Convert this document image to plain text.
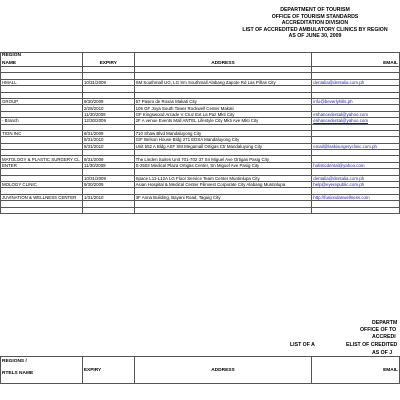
DEPARTMENT OF TOURISM
OFFICE OF TOURISM STANDARDS
ACCREDITATION DIVISION
LIST OF ACCREDITED AMBULATORY CLINICS BY REGION
AS OF JUNE 30, 2009
REGION
NAME	EXPIRY	ADDRESS	EMAIL

HMALL	10/31/2009	SM Southmall UG, LG Sm Southmall Alabang Zapote Rd Las Piñas City	dentalia@dentalia.com.ph

GROUP	9/30/2009	57 Paseo de Roxas Makati City	info@beverlyhills.ph
	2/28/2010	105 GF Joya South Tower Rockwell Center Makati	
	11/30/2009	GF Kingswood Arcade V Cruz Ext La Paz Mkti City	enhancedental@yahoo.com
- Branch	12/30/2009	2F A venue Events Mall ANTEL Lifestyle City Mkti Ave Mkti City	enhancedental@yahoo.com

TION INC	8/31/2009	710 Shaw Blvd Mandaluyong City	
	8/31/2010	G/F Belson House Bldg 271 EDSA Mandaluyong City	
	8/31/2010	Unit 552 A Bldg ASF SM Megamall Ortigas Ctr Mandaluyong City	email@laskisurgeryclinic.com.ph

MATOLOGY & PLASTIC SURGERY CL	8/31/2009	The Linden Suites Unit 701-702 37 Sn Miguel Ave Ortigas Pasig City	
ENTER	11/30/2009	S-2503 Medical Plaza Ortigas Center, Sn Miguel Ave Pasig City	holisticdental@yahoo.com

	10/31/2009	Space L11-L12A LG Floor Service Team Center Muntinlupa City	dentalia@dentalia.com.ph
MOLOGY CLINIC	9/30/2009	Asian Hospital & Medical Center Filinvest Corporate City Alabang Muntinlupa	help@eyerepublic.com.ph

JUVINATION & WELLNESS CENTER	1/31/2010	3F Anna Building, Bayani Road, Taguig City	http://fusiondanwellness.com

DEPARTM
OFFICE OF TO
ACCREDI
LIST OF A	ELIST OF CREDITED
AS OF J
REGIONS /
RTELS NAME
	EXPIRY	ADDRESS	EMAIL
